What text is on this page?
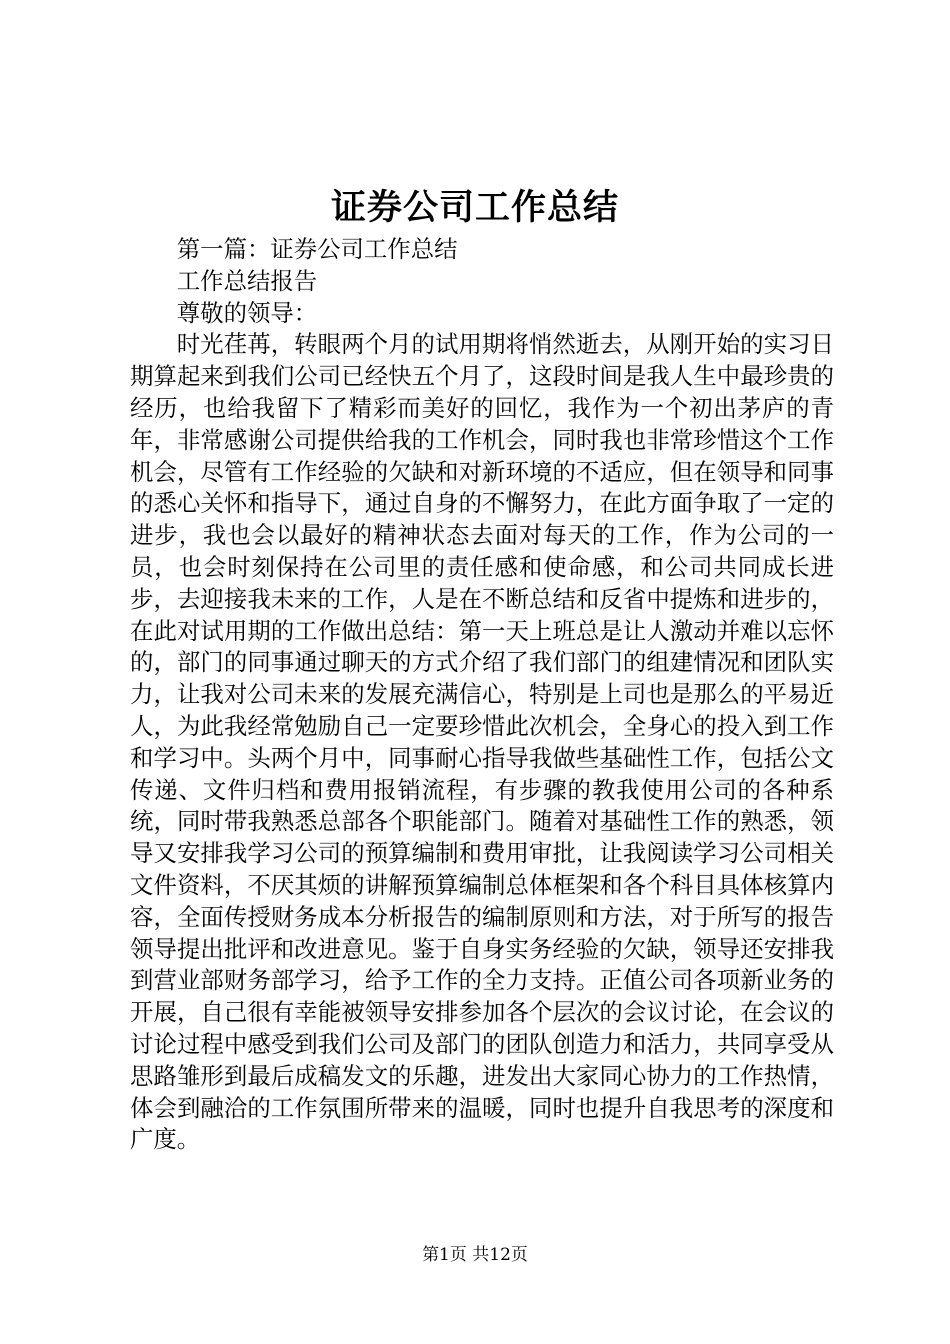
证券公司工作总结

第一篇：证券公司工作总结

工作总结报告

尊敬的领导：

时光荏苒，转眼两个月的试用期将悄然逝去，从刚开始的实习日期算起来到我们公司已经快五个月了，这段时间是我人生中最珍贵的经历，也给我留下了精彩而美好的回忆，我作为一个初出茅庐的青年，非常感谢公司提供给我的工作机会，同时我也非常珍惜这个工作机会，尽管有工作经验的欠缺和对新环境的不适应，但在领导和同事的悉心关怀和指导下，通过自身的不懈努力，在此方面争取了一定的进步，我也会以最好的精神状态去面对每天的工作，作为公司的一员，也会时刻保持在公司里的责任感和使命感，和公司共同成长进步，去迎接我未来的工作，人是在不断总结和反省中提炼和进步的，在此对试用期的工作做出总结：第一天上班总是让人激动并难以忘怀的，部门的同事通过聊天的方式介绍了我们部门的组建情况和团队实力，让我对公司未来的发展充满信心，特别是上司也是那么的平易近人，为此我经常勉励自己一定要珍惜此次机会，全身心的投入到工作和学习中。头两个月中，同事耐心指导我做些基础性工作，包括公文传递、文件归档和费用报销流程，有步骤的教我使用公司的各种系统，同时带我熟悉总部各个职能部门。随着对基础性工作的熟悉，领导又安排我学习公司的预算编制和费用审批，让我阅读学习公司相关文件资料，不厌其烦的讲解预算编制总体框架和各个科目具体核算内容，全面传授财务成本分析报告的编制原则和方法，对于所写的报告领导提出批评和改进意见。鉴于自身实务经验的欠缺，领导还安排我到营业部财务部学习，给予工作的全力支持。正值公司各项新业务的开展，自己很有幸能被领导安排参加各个层次的会议讨论，在会议的讨论过程中感受到我们公司及部门的团队创造力和活力，共同享受从思路雏形到最后成稿发文的乐趣，进发出大家同心协力的工作热情，体会到融洽的工作氛围所带来的温暖，同时也提升自我思考的深度和广度。

第1页 共12页
